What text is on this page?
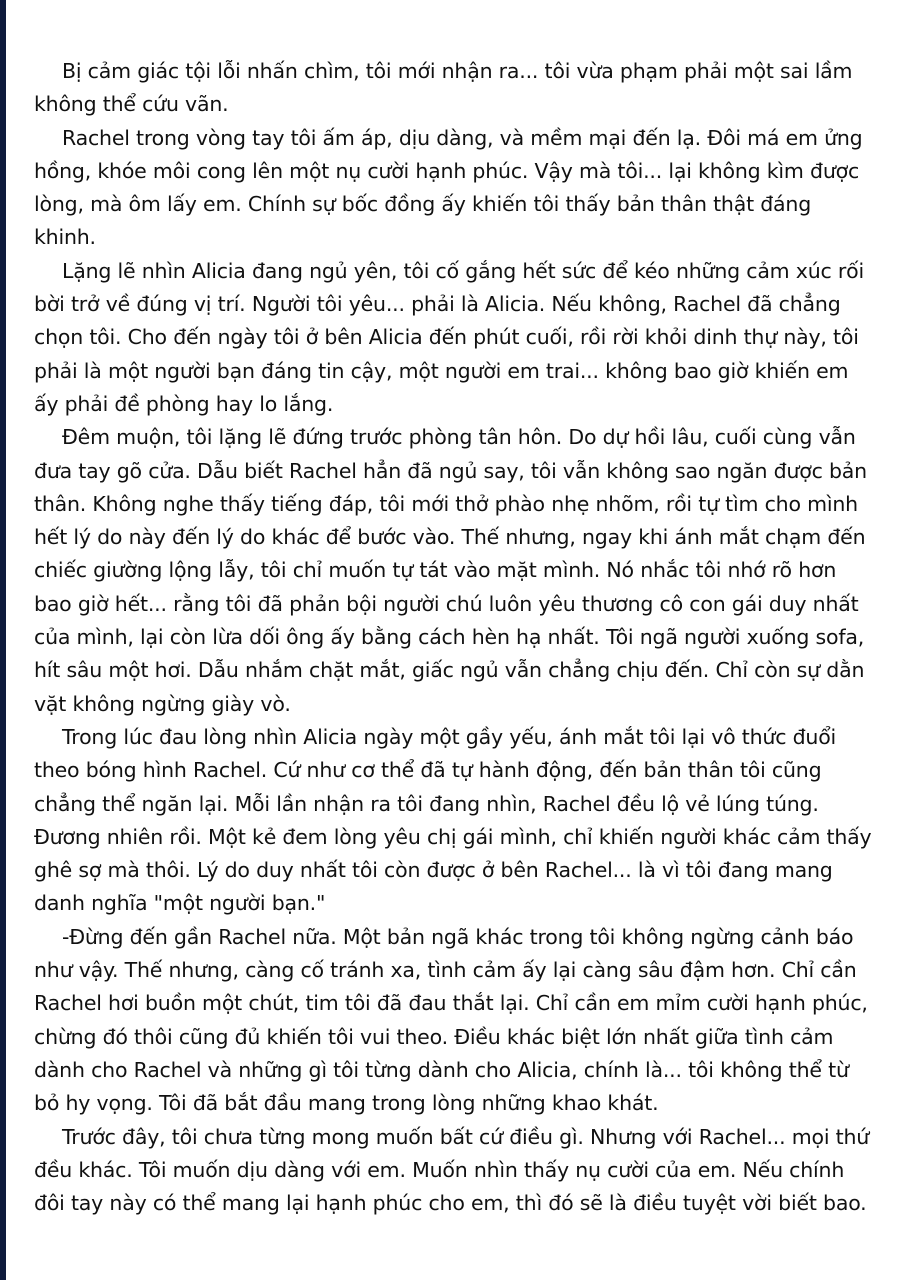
Bị cảm giác tội lỗi nhấn chìm, tôi mới nhận ra... tôi vừa phạm phải một sai lầm không thể cứu vãn.

Rachel trong vòng tay tôi ấm áp, dịu dàng, và mềm mại đến lạ. Đôi má em ửng hồng, khóe môi cong lên một nụ cười hạnh phúc. Vậy mà tôi... lại không kìm được lòng, mà ôm lấy em. Chính sự bốc đồng ấy khiến tôi thấy bản thân thật đáng khinh.

Lặng lẽ nhìn Alicia đang ngủ yên, tôi cố gắng hết sức để kéo những cảm xúc rối bời trở về đúng vị trí. Người tôi yêu... phải là Alicia. Nếu không, Rachel đã chẳng chọn tôi. Cho đến ngày tôi ở bên Alicia đến phút cuối, rồi rời khỏi dinh thự này, tôi phải là một người bạn đáng tin cậy, một người em trai... không bao giờ khiến em ấy phải đề phòng hay lo lắng.

Đêm muộn, tôi lặng lẽ đứng trước phòng tân hôn. Do dự hồi lâu, cuối cùng vẫn đưa tay gõ cửa. Dẫu biết Rachel hẳn đã ngủ say, tôi vẫn không sao ngăn được bản thân. Không nghe thấy tiếng đáp, tôi mới thở phào nhẹ nhõm, rồi tự tìm cho mình hết lý do này đến lý do khác để bước vào. Thế nhưng, ngay khi ánh mắt chạm đến chiếc giường lộng lẫy, tôi chỉ muốn tự tát vào mặt mình. Nó nhắc tôi nhớ rõ hơn bao giờ hết... rằng tôi đã phản bội người chú luôn yêu thương cô con gái duy nhất của mình, lại còn lừa dối ông ấy bằng cách hèn hạ nhất. Tôi ngã người xuống sofa, hít sâu một hơi. Dẫu nhắm chặt mắt, giấc ngủ vẫn chẳng chịu đến. Chỉ còn sự dằn vặt không ngừng giày vò.

Trong lúc đau lòng nhìn Alicia ngày một gầy yếu, ánh mắt tôi lại vô thức đuổi theo bóng hình Rachel. Cứ như cơ thể đã tự hành động, đến bản thân tôi cũng chẳng thể ngăn lại. Mỗi lần nhận ra tôi đang nhìn, Rachel đều lộ vẻ lúng túng. Đương nhiên rồi. Một kẻ đem lòng yêu chị gái mình, chỉ khiến người khác cảm thấy ghê sợ mà thôi. Lý do duy nhất tôi còn được ở bên Rachel... là vì tôi đang mang danh nghĩa "một người bạn."

-Đừng đến gần Rachel nữa. Một bản ngã khác trong tôi không ngừng cảnh báo như vậy. Thế nhưng, càng cố tránh xa, tình cảm ấy lại càng sâu đậm hơn. Chỉ cần Rachel hơi buồn một chút, tim tôi đã đau thắt lại. Chỉ cần em mỉm cười hạnh phúc, chừng đó thôi cũng đủ khiến tôi vui theo. Điều khác biệt lớn nhất giữa tình cảm dành cho Rachel và những gì tôi từng dành cho Alicia, chính là... tôi không thể từ bỏ hy vọng. Tôi đã bắt đầu mang trong lòng những khao khát.

Trước đây, tôi chưa từng mong muốn bất cứ điều gì. Nhưng với Rachel... mọi thứ đều khác. Tôi muốn dịu dàng với em. Muốn nhìn thấy nụ cười của em. Nếu chính đôi tay này có thể mang lại hạnh phúc cho em, thì đó sẽ là điều tuyệt vời biết bao.
